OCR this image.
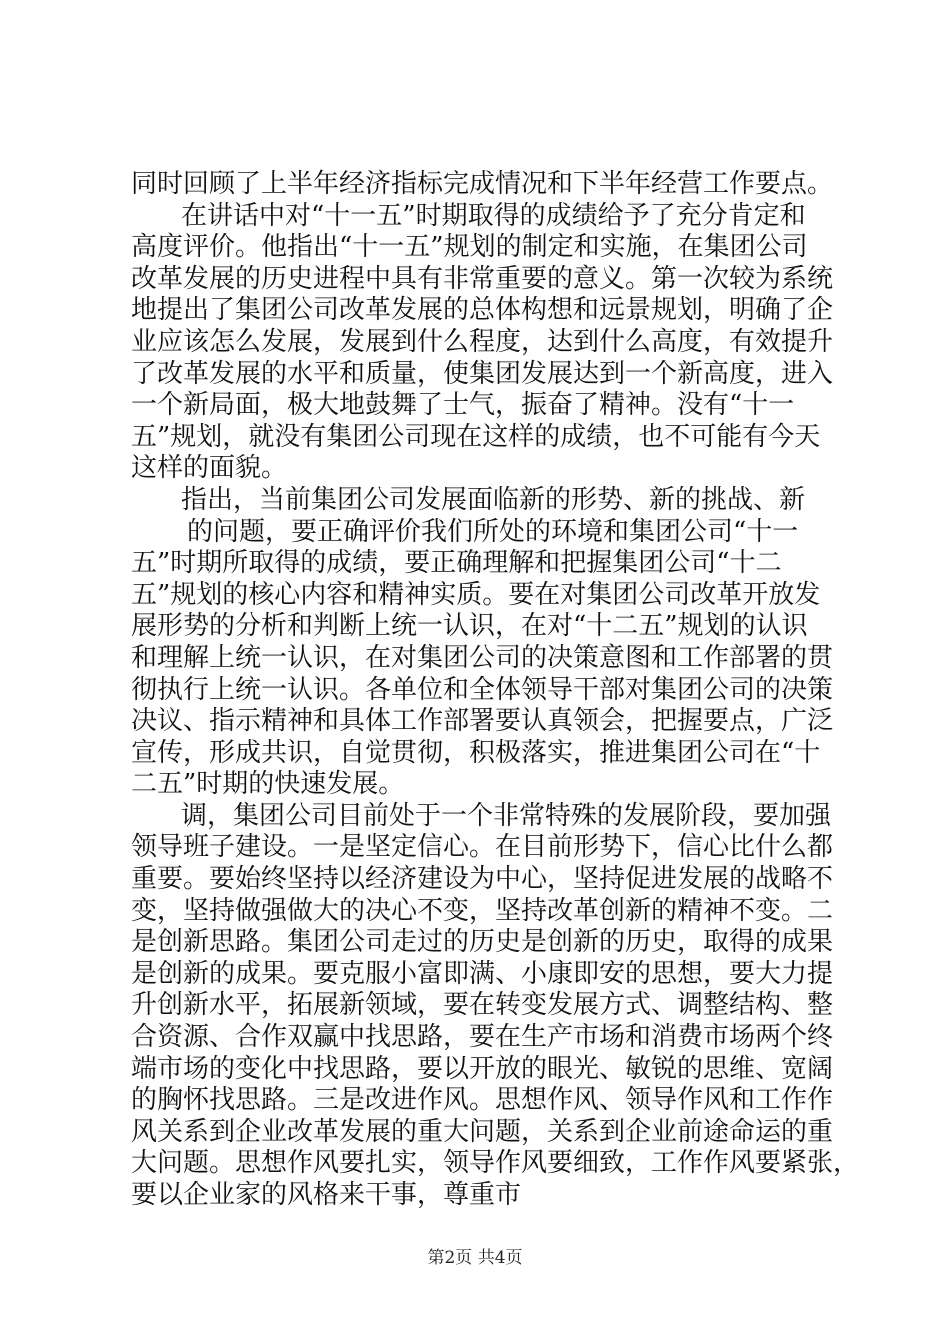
同时回顾了上半年经济指标完成情况和下半年经营工作要点。
在讲话中对“十一五”时期取得的成绩给予了充分肯定和
高度评价。他指出“十一五”规划的制定和实施，在集团公司
改革发展的历史进程中具有非常重要的意义。第一次较为系统
地提出了集团公司改革发展的总体构想和远景规划，明确了企
业应该怎么发展，发展到什么程度，达到什么高度，有效提升
了改革发展的水平和质量，使集团发展达到一个新高度，进入
一个新局面，极大地鼓舞了士气，振奋了精神。没有“十一
五”规划，就没有集团公司现在这样的成绩，也不可能有今天
这样的面貌。
指出，当前集团公司发展面临新的形势、新的挑战、新
的问题，要正确评价我们所处的环境和集团公司“十一
五”时期所取得的成绩，要正确理解和把握集团公司“十二
五”规划的核心内容和精神实质。要在对集团公司改革开放发
展形势的分析和判断上统一认识，在对“十二五”规划的认识
和理解上统一认识，在对集团公司的决策意图和工作部署的贯
彻执行上统一认识。各单位和全体领导干部对集团公司的决策
决议、指示精神和具体工作部署要认真领会，把握要点，广泛
宣传，形成共识，自觉贯彻，积极落实，推进集团公司在“十
二五”时期的快速发展。
调，集团公司目前处于一个非常特殊的发展阶段，要加强
领导班子建设。一是坚定信心。在目前形势下，信心比什么都
重要。要始终坚持以经济建设为中心，坚持促进发展的战略不
变，坚持做强做大的决心不变，坚持改革创新的精神不变。二
是创新思路。集团公司走过的历史是创新的历史，取得的成果
是创新的成果。要克服小富即满、小康即安的思想，要大力提
升创新水平，拓展新领域，要在转变发展方式、调整结构、整
合资源、合作双赢中找思路，要在生产市场和消费市场两个终
端市场的变化中找思路，要以开放的眼光、敏锐的思维、宽阔
的胸怀找思路。三是改进作风。思想作风、领导作风和工作作
风关系到企业改革发展的重大问题，关系到企业前途命运的重
大问题。思想作风要扎实，领导作风要细致，工作作风要紧张，
要以企业家的风格来干事，尊重市
第2页 共4页
